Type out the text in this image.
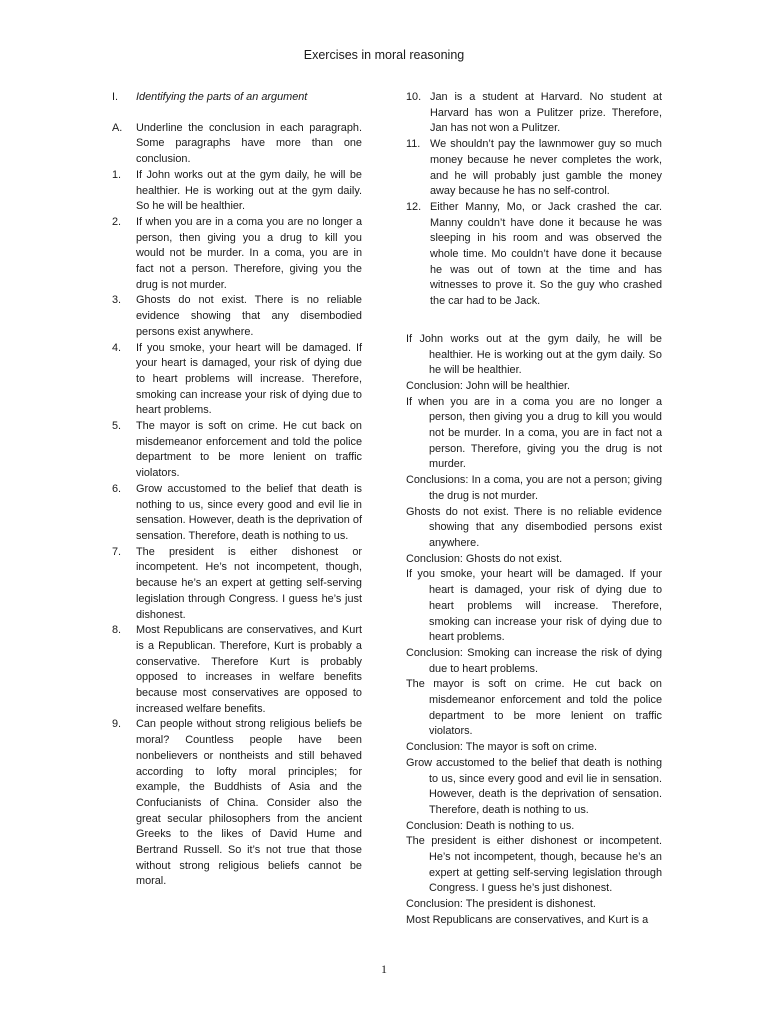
Exercises in moral reasoning
I. Identifying the parts of an argument
A. Underline the conclusion in each paragraph. Some paragraphs have more than one conclusion.
1. If John works out at the gym daily, he will be healthier. He is working out at the gym daily. So he will be healthier.
2. If when you are in a coma you are no longer a person, then giving you a drug to kill you would not be murder. In a coma, you are in fact not a person. Therefore, giving you the drug is not murder.
3. Ghosts do not exist. There is no reliable evidence showing that any disembodied persons exist anywhere.
4. If you smoke, your heart will be damaged. If your heart is damaged, your risk of dying due to heart problems will increase. Therefore, smoking can increase your risk of dying due to heart problems.
5. The mayor is soft on crime. He cut back on misdemeanor enforcement and told the police department to be more lenient on traffic violators.
6. Grow accustomed to the belief that death is nothing to us, since every good and evil lie in sensation. However, death is the deprivation of sensation. Therefore, death is nothing to us.
7. The president is either dishonest or incompetent. He’s not incompetent, though, because he’s an expert at getting self-serving legislation through Congress. I guess he’s just dishonest.
8. Most Republicans are conservatives, and Kurt is a Republican. Therefore, Kurt is probably a conservative. Therefore Kurt is probably opposed to increases in welfare benefits because most conservatives are opposed to increased welfare benefits.
9. Can people without strong religious beliefs be moral? Countless people have been nonbelievers or nontheists and still behaved according to lofty moral principles; for example, the Buddhists of Asia and the Confucianists of China. Consider also the great secular philosophers from the ancient Greeks to the likes of David Hume and Bertrand Russell. So it’s not true that those without strong religious beliefs cannot be moral.
10. Jan is a student at Harvard. No student at Harvard has won a Pulitzer prize. Therefore, Jan has not won a Pulitzer.
11. We shouldn’t pay the lawnmower guy so much money because he never completes the work, and he will probably just gamble the money away because he has no self-control.
12. Either Manny, Mo, or Jack crashed the car. Manny couldn’t have done it because he was sleeping in his room and was observed the whole time. Mo couldn’t have done it because he was out of town at the time and has witnesses to prove it. So the guy who crashed the car had to be Jack.
If John works out at the gym daily, he will be healthier. He is working out at the gym daily. So he will be healthier.
Conclusion: John will be healthier.
If when you are in a coma you are no longer a person, then giving you a drug to kill you would not be murder. In a coma, you are in fact not a person. Therefore, giving you the drug is not murder.
Conclusions: In a coma, you are not a person; giving the drug is not murder.
Ghosts do not exist. There is no reliable evidence showing that any disembodied persons exist anywhere.
Conclusion: Ghosts do not exist.
If you smoke, your heart will be damaged. If your heart is damaged, your risk of dying due to heart problems will increase. Therefore, smoking can increase your risk of dying due to heart problems.
Conclusion: Smoking can increase the risk of dying due to heart problems.
The mayor is soft on crime. He cut back on misdemeanor enforcement and told the police department to be more lenient on traffic violators.
Conclusion: The mayor is soft on crime.
Grow accustomed to the belief that death is nothing to us, since every good and evil lie in sensation. However, death is the deprivation of sensation. Therefore, death is nothing to us.
Conclusion: Death is nothing to us.
The president is either dishonest or incompetent. He’s not incompetent, though, because he’s an expert at getting self-serving legislation through Congress. I guess he’s just dishonest.
Conclusion: The president is dishonest.
Most Republicans are conservatives, and Kurt is a
1
